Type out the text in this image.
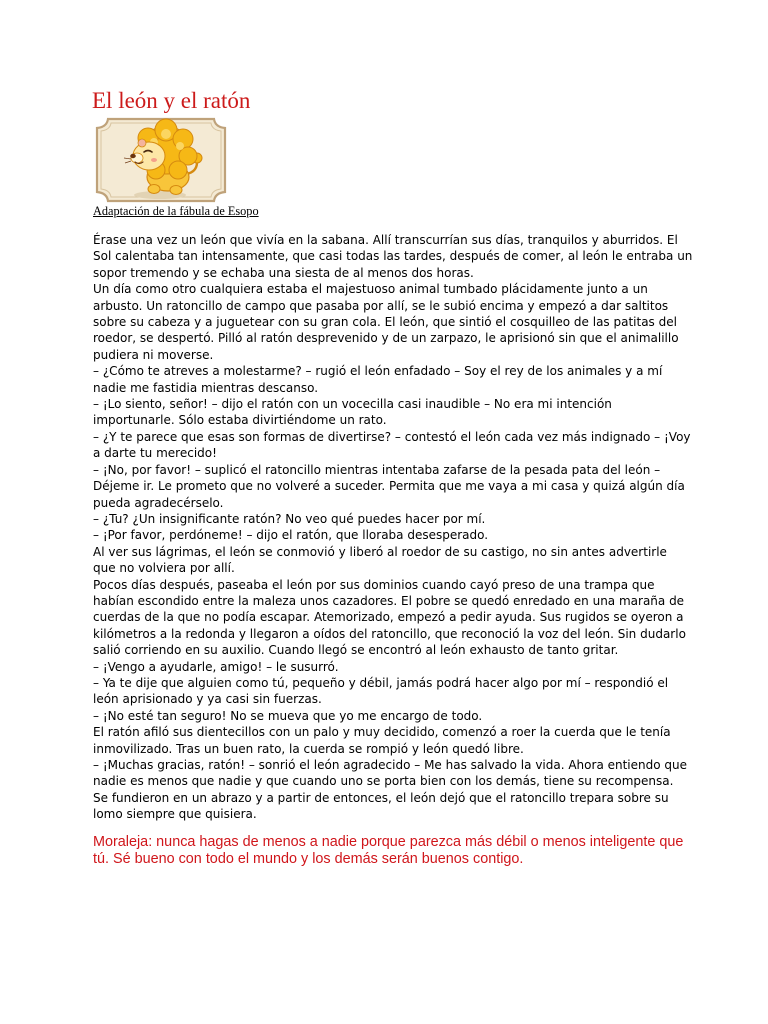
El león y el ratón
Adaptación de la fábula de Esopo

Érase una vez un león que vivía en la sabana. Allí transcurrían sus días, tranquilos y aburridos. El Sol calentaba tan intensamente, que casi todas las tardes, después de comer, al león le entraba un sopor tremendo y se echaba una siesta de al menos dos horas.

Un día como otro cualquiera estaba el majestuoso animal tumbado plácidamente junto a un arbusto. Un ratoncillo de campo que pasaba por allí, se le subió encima y empezó a dar saltitos sobre su cabeza y a juguetear con su gran cola. El león, que sintió el cosquilleo de las patitas del roedor, se despertó. Pilló al ratón desprevenido y de un zarpazo, le aprisionó sin que el animalillo pudiera ni moverse.

– ¿Cómo te atreves a molestarme? – rugió el león enfadado – Soy el rey de los animales y a mí nadie me fastidia mientras descanso.

– ¡Lo siento, señor! – dijo el ratón con un vocecilla casi inaudible – No era mi intención importunarle. Sólo estaba divirtiéndome un rato.

– ¿Y te parece que esas son formas de divertirse? – contestó el león cada vez más indignado – ¡Voy a darte tu merecido!

– ¡No, por favor! – suplicó el ratoncillo mientras intentaba zafarse de la pesada pata del león – Déjeme ir. Le prometo que no volveré a suceder. Permita que me vaya a mi casa y quizá algún día pueda agradecérselo.

– ¿Tu? ¿Un insignificante ratón? No veo qué puedes hacer por mí.

– ¡Por favor, perdóneme! – dijo el ratón, que lloraba desesperado.

Al ver sus lágrimas, el león se conmovió y liberó al roedor de su castigo, no sin antes advertirle que no volviera por allí.

Pocos días después, paseaba el león por sus dominios cuando cayó preso de una trampa que habían escondido entre la maleza unos cazadores. El pobre se quedó enredado en una maraña de cuerdas de la que no podía escapar. Atemorizado, empezó a pedir ayuda. Sus rugidos se oyeron a kilómetros a la redonda y llegaron a oídos del ratoncillo, que reconoció la voz del león. Sin dudarlo salió corriendo en su auxilio. Cuando llegó se encontró al león exhausto de tanto gritar.

– ¡Vengo a ayudarle, amigo! – le susurró.

– Ya te dije que alguien como tú, pequeño y débil, jamás podrá hacer algo por mí – respondió el león aprisionado y ya casi sin fuerzas.

– ¡No esté tan seguro! No se mueva que yo me encargo de todo.

El ratón afiló sus dientecillos con un palo y muy decidido, comenzó a roer la cuerda que le tenía inmovilizado. Tras un buen rato, la cuerda se rompió y león quedó libre.

– ¡Muchas gracias, ratón! – sonrió el león agradecido – Me has salvado la vida. Ahora entiendo que nadie es menos que nadie y que cuando uno se porta bien con los demás, tiene su recompensa.

Se fundieron en un abrazo y a partir de entonces, el león dejó que el ratoncillo trepara sobre su lomo siempre que quisiera.

Moraleja: nunca hagas de menos a nadie porque parezca más débil o menos inteligente que tú. Sé bueno con todo el mundo y los demás serán buenos contigo.
